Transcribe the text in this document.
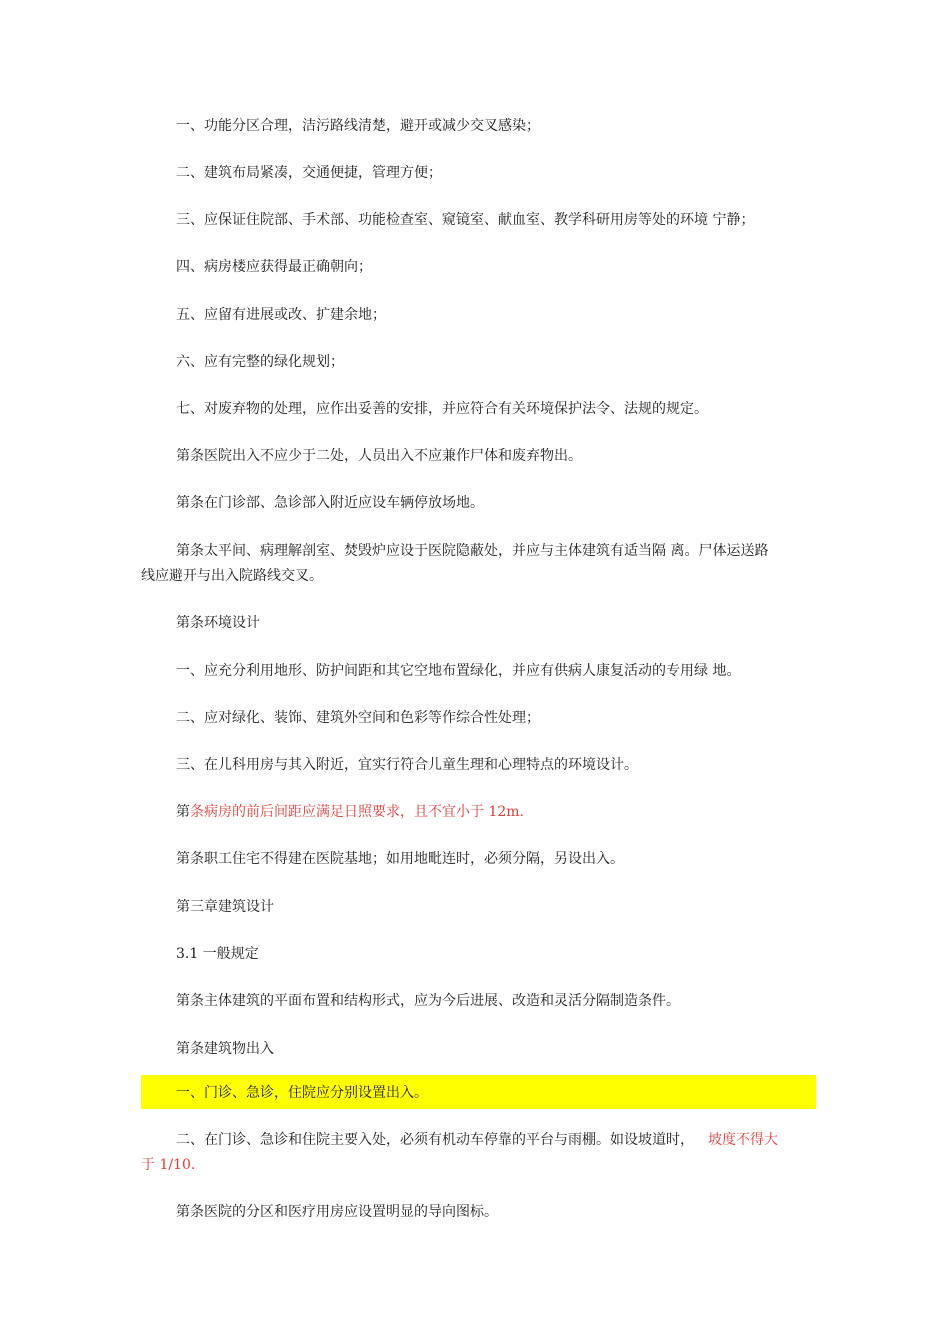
一、功能分区合理，洁污路线清楚，避开或减少交叉感染；
二、建筑布局紧凑，交通便捷，管理方便；
三、应保证住院部、手术部、功能检查室、窥镜室、献血室、教学科研用房等处的环境 宁静；
四、病房楼应获得最正确朝向；
五、应留有进展或改、扩建余地；
六、应有完整的绿化规划；
七、对废弃物的处理，应作出妥善的安排，并应符合有关环境保护法令、法规的规定。
第条医院出入不应少于二处，人员出入不应兼作尸体和废弃物出。
第条在门诊部、急诊部入附近应设车辆停放场地。
第条太平间、病理解剖室、焚毁炉应设于医院隐蔽处，并应与主体建筑有适当隔 离。尸体运送路
线应避开与出入院路线交叉。
第条环境设计
一、应充分利用地形、防护间距和其它空地布置绿化，并应有供病人康复活动的专用绿 地。
二、应对绿化、装饰、建筑外空间和色彩等作综合性处理；
三、在儿科用房与其入附近，宜实行符合儿童生理和心理特点的环境设计。
第条病房的前后间距应满足日照要求，且不宜小于 12m.
第条职工住宅不得建在医院基地；如用地毗连时，必须分隔，另设出入。
第三章建筑设计
3.1 一般规定
第条主体建筑的平面布置和结构形式，应为今后进展、改造和灵活分隔制造条件。
第条建筑物出入
一、门诊、急诊，住院应分别设置出入。
二、在门诊、急诊和住院主要入处，必须有机动车停靠的平台与雨棚。如设坡道时， 坡度不得大
于 1/10.
第条医院的分区和医疗用房应设置明显的导向图标。
